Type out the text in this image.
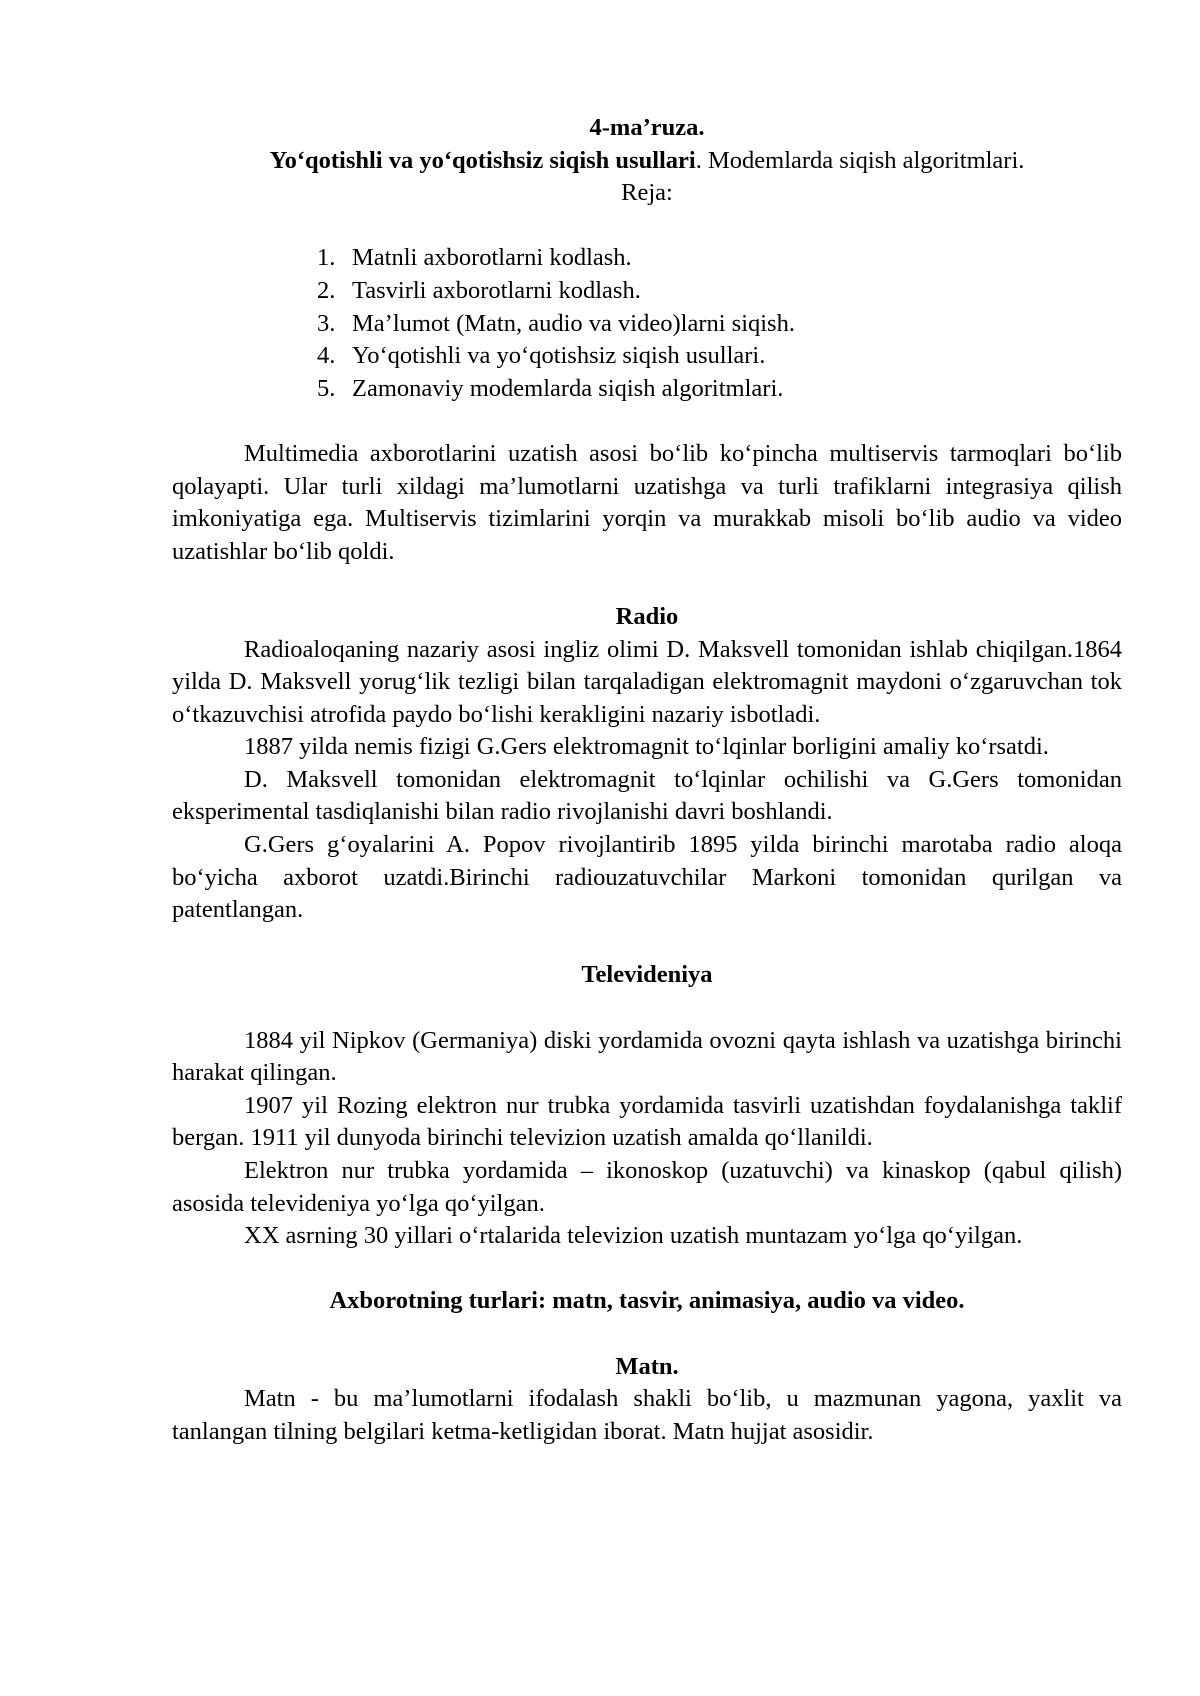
4-ma’ruza.
Yo‘qotishli va yo‘qotishsiz siqish usullari. Modemlarda siqish algoritmlari.
Reja:
1. Matnli axborotlarni kodlash.
2. Tasvirli axborotlarni kodlash.
3. Ma’lumot (Matn, audio va video)larni siqish.
4. Yo‘qotishli va yo‘qotishsiz siqish usullari.
5. Zamonaviy modemlarda siqish algoritmlari.

Multimedia axborotlarini uzatish asosi bo‘lib ko‘pincha multiservis tarmoqlari bo‘lib qolayapti. Ular turli xildagi ma’lumotlarni uzatishga va turli trafiklarni integrasiya qilish imkoniyatiga ega. Multiservis tizimlarini yorqin va murakkab misoli bo‘lib audio va video uzatishlar bo‘lib qoldi.

Radio

Radioaloqaning nazariy asosi ingliz olimi D. Maksvell tomonidan ishlab chiqilgan.1864 yilda D. Maksvell yorug‘lik tezligi bilan tarqaladigan elektromagnit maydoni o‘zgaruvchan tok o‘tkazuvchisi atrofida paydo bo‘lishi kerakligini nazariy isbotladi.

1887 yilda nemis fizigi G.Gers elektromagnit to‘lqinlar borligini amaliy ko‘rsatdi.

D. Maksvell tomonidan elektromagnit to‘lqinlar ochilishi va G.Gers tomonidan eksperimental tasdiqlanishi bilan radio rivojlanishi davri boshlandi.

G.Gers g‘oyalarini A. Popov rivojlantirib 1895 yilda birinchi marotaba radio aloqa bo‘yicha axborot uzatdi.Birinchi radiouzatuvchilar Markoni tomonidan qurilgan va patentlangan.

Televideniya

1884 yil Nipkov (Germaniya) diski yordamida ovozni qayta ishlash va uzatishga birinchi harakat qilingan.

1907 yil Rozing elektron nur trubka yordamida tasvirli uzatishdan foydalanishga taklif bergan. 1911 yil dunyoda birinchi televizion uzatish amalda qo‘llanildi.

Elektron nur trubka yordamida – ikonoskop (uzatuvchi) va kinaskop (qabul qilish) asosida televideniya yo‘lga qo‘yilgan.

XX asrning 30 yillari o‘rtalarida televizion uzatish muntazam yo‘lga qo‘yilgan.

Axborotning turlari: matn, tasvir, animasiya, audio va video.
Matn.

Matn - bu ma’lumotlarni ifodalash shakli bo‘lib, u mazmunan yagona, yaxlit va tanlangan tilning belgilari ketma-ketligidan iborat. Matn hujjat asosidir.
